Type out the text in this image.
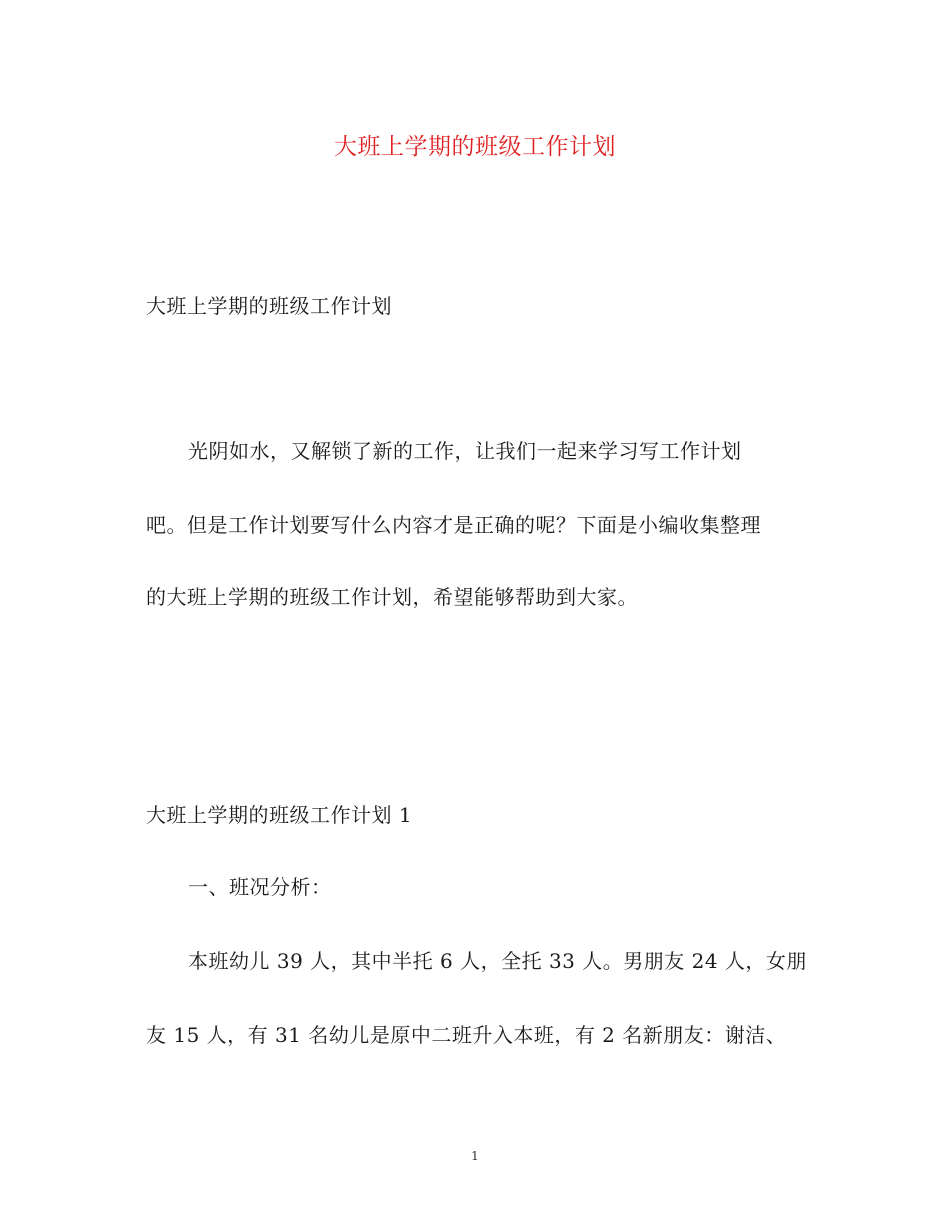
大班上学期的班级工作计划
大班上学期的班级工作计划
光阴如水，又解锁了新的工作，让我们一起来学习写工作计划
吧。但是工作计划要写什么内容才是正确的呢？下面是小编收集整理
的大班上学期的班级工作计划，希望能够帮助到大家。
大班上学期的班级工作计划 1
一、班况分析：
本班幼儿 39 人，其中半托 6 人，全托 33 人。男朋友 24 人，女朋
友 15 人，有 31 名幼儿是原中二班升入本班，有 2 名新朋友：谢洁、
1
